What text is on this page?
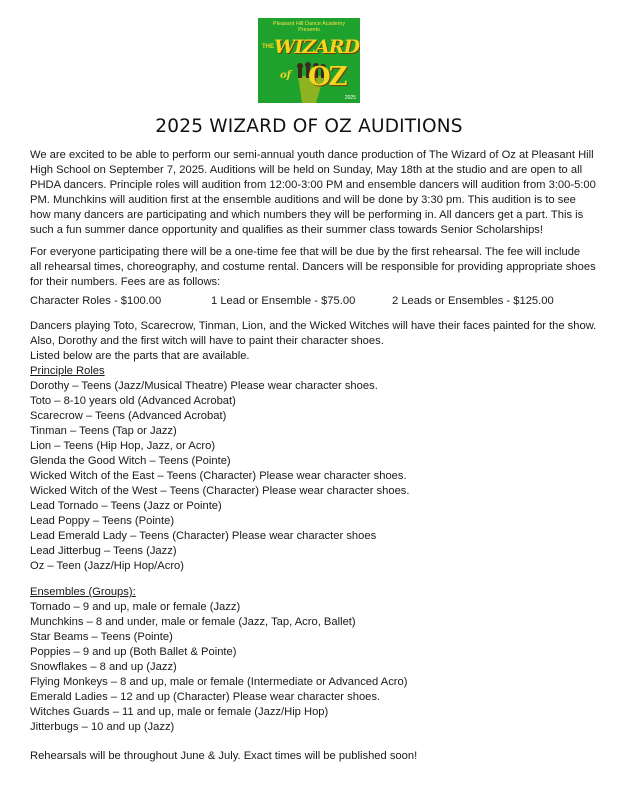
Pleasant Hill Dance Academy
Presents
THE WIZARD
of OZ
2025
2025 WIZARD OF OZ AUDITIONS
We are excited to be able to perform our semi-annual youth dance production of The Wizard of Oz at Pleasant Hill
High School on September 7, 2025. Auditions will be held on Sunday, May 18th at the studio and are open to all
PHDA dancers. Principle roles will audition from 12:00-3:00 PM and ensemble dancers will audition from 3:00-5:00
PM. Munchkins will audition first at the ensemble auditions and will be done by 3:30 pm. This audition is to see
how many dancers are participating and which numbers they will be performing in. All dancers get a part. This is
such a fun summer dance opportunity and qualifies as their summer class towards Senior Scholarships!
For everyone participating there will be a one-time fee that will be due by the first rehearsal. The fee will include
all rehearsal times, choreography, and costume rental. Dancers will be responsible for providing appropriate shoes
for their numbers. Fees are as follows:
Character Roles - $100.00	1 Lead or Ensemble - $75.00	2 Leads or Ensembles - $125.00
Dancers playing Toto, Scarecrow, Tinman, Lion, and the Wicked Witches will have their faces painted for the show.
Also, Dorothy and the first witch will have to paint their character shoes.
Listed below are the parts that are available.
Principle Roles
Dorothy – Teens (Jazz/Musical Theatre) Please wear character shoes.
Toto – 8-10 years old (Advanced Acrobat)
Scarecrow – Teens (Advanced Acrobat)
Tinman – Teens (Tap or Jazz)
Lion – Teens (Hip Hop, Jazz, or Acro)
Glenda the Good Witch – Teens (Pointe)
Wicked Witch of the East – Teens (Character) Please wear character shoes.
Wicked Witch of the West – Teens (Character) Please wear character shoes.
Lead Tornado – Teens (Jazz or Pointe)
Lead Poppy – Teens (Pointe)
Lead Emerald Lady – Teens (Character) Please wear character shoes
Lead Jitterbug – Teens (Jazz)
Oz – Teen (Jazz/Hip Hop/Acro)
Ensembles (Groups):
Tornado – 9 and up, male or female (Jazz)
Munchkins – 8 and under, male or female (Jazz, Tap, Acro, Ballet)
Star Beams – Teens (Pointe)
Poppies – 9 and up (Both Ballet & Pointe)
Snowflakes – 8 and up (Jazz)
Flying Monkeys – 8 and up, male or female (Intermediate or Advanced Acro)
Emerald Ladies – 12 and up (Character) Please wear character shoes.
Witches Guards – 11 and up, male or female (Jazz/Hip Hop)
Jitterbugs – 10 and up (Jazz)
Rehearsals will be throughout June & July. Exact times will be published soon!
